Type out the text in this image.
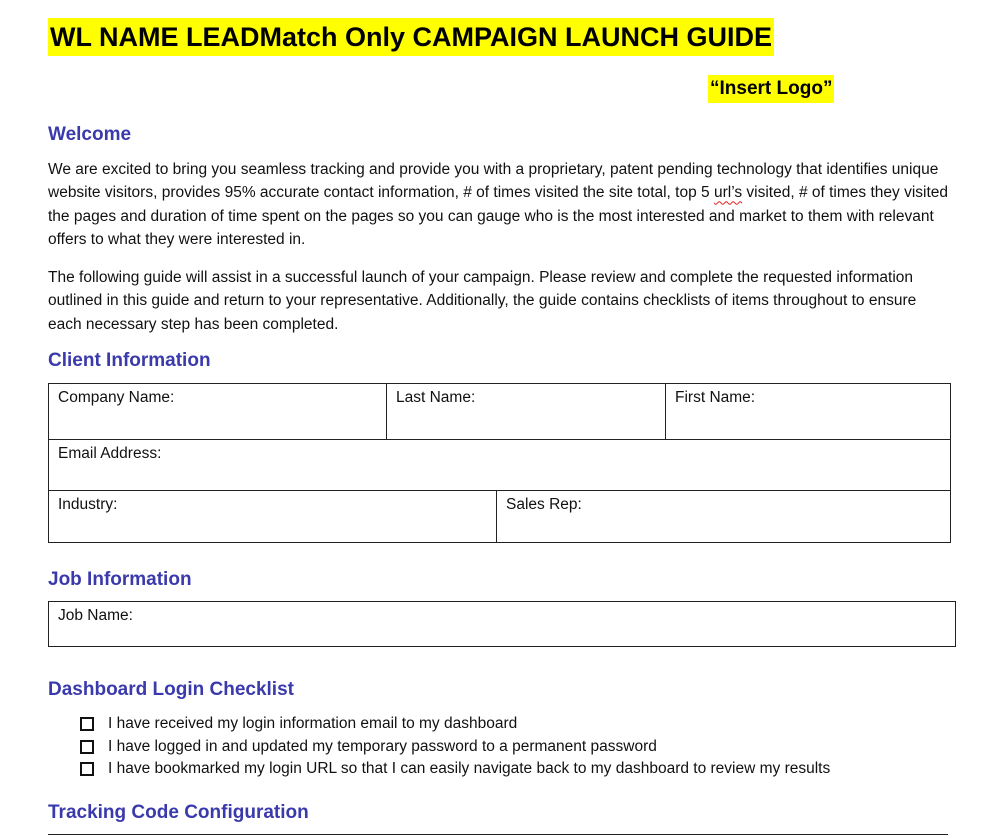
WL NAME LEADMatch Only CAMPAIGN LAUNCH GUIDE
“Insert Logo”
Welcome

We are excited to bring you seamless tracking and provide you with a proprietary, patent pending technology that identifies unique website visitors, provides 95% accurate contact information, # of times visited the site total, top 5 url’s visited, # of times they visited the pages and duration of time spent on the pages so you can gauge who is the most interested and market to them with relevant offers to what they were interested in.

The following guide will assist in a successful launch of your campaign. Please review and complete the requested information outlined in this guide and return to your representative. Additionally, the guide contains checklists of items throughout to ensure each necessary step has been completed.

Client Information
Company Name:	Last Name:		First Name:
Email Address:			
Industry:		Sales Rep:	
Job Information
Job Name:
Dashboard Login Checklist
I have received my login information email to my dashboard
I have logged in and updated my temporary password to a permanent password
I have bookmarked my login URL so that I can easily navigate back to my dashboard to review my results
Tracking Code Configuration
